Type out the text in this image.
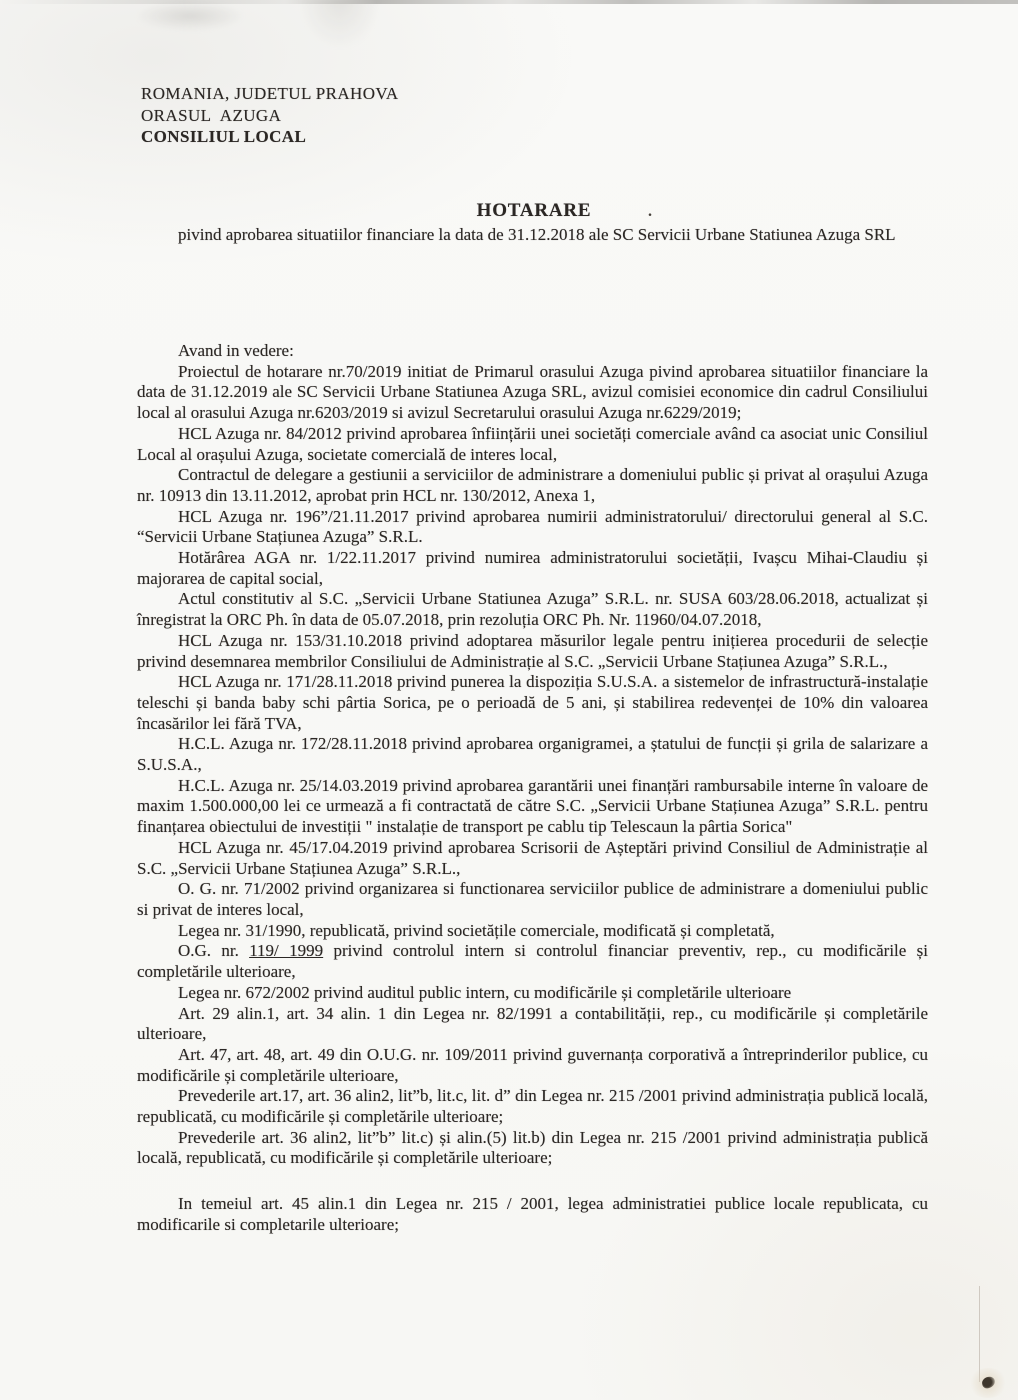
ROMANIA, JUDETUL PRAHOVA
ORASUL  AZUGA
CONSILIUL LOCAL
HOTARARE	.

pivind aprobarea situatiilor financiare la data de 31.12.2018 ale SC Servicii Urbane Statiunea Azuga SRL

Avand in vedere:

Proiectul de hotarare nr.70/2019 initiat de Primarul orasului Azuga pivind aprobarea situatiilor financiare la data de 31.12.2019 ale SC Servicii Urbane Statiunea Azuga SRL, avizul comisiei economice din cadrul Consiliului local al orasului Azuga nr.6203/2019 si avizul Secretarului orasului Azuga nr.6229/2019;

HCL Azuga nr. 84/2012 privind aprobarea înființării unei societăți comerciale având ca asociat unic Consiliul Local al orașului Azuga, societate comercială de interes local,

Contractul de delegare a gestiunii a serviciilor de administrare a domeniului public și privat al orașului Azuga nr. 10913 din 13.11.2012, aprobat prin HCL nr. 130/2012, Anexa 1,

HCL Azuga nr. 196”/21.11.2017 privind aprobarea numirii administratorului/ directorului general al S.C. “Servicii Urbane Stațiunea Azuga” S.R.L.

Hotărârea AGA nr. 1/22.11.2017 privind numirea administratorului societății, Ivașcu Mihai-Claudiu și majorarea de capital social,

Actul constitutiv al S.C. „Servicii Urbane Statiunea Azuga” S.R.L. nr. SUSA 603/28.06.2018, actualizat și înregistrat la ORC Ph. în data de 05.07.2018, prin rezoluția ORC Ph. Nr. 11960/04.07.2018,

HCL Azuga nr. 153/31.10.2018 privind adoptarea măsurilor legale pentru inițierea procedurii de selecție privind desemnarea membrilor Consiliului de Administrație al S.C. „Servicii Urbane Stațiunea Azuga” S.R.L.,

HCL Azuga nr. 171/28.11.2018 privind punerea la dispoziția S.U.S.A. a sistemelor de infrastructură-instalație teleschi și banda baby schi pârtia Sorica, pe o perioadă de 5 ani, și stabilirea redevenței de 10% din valoarea încasărilor lei fără TVA,

H.C.L. Azuga nr. 172/28.11.2018 privind aprobarea organigramei, a ștatului de funcții și grila de salarizare a S.U.S.A.,

H.C.L. Azuga nr. 25/14.03.2019 privind aprobarea garantării unei finanțări rambursabile interne în valoare de maxim 1.500.000,00 lei ce urmează a fi contractată de către S.C. „Servicii Urbane Stațiunea Azuga” S.R.L. pentru finanțarea obiectului de investiții " instalație de transport pe cablu tip Telescaun la pârtia Sorica"

HCL Azuga nr. 45/17.04.2019 privind aprobarea Scrisorii de Așteptări privind Consiliul de Administrație al S.C. „Servicii Urbane Stațiunea Azuga” S.R.L.,

O. G. nr. 71/2002 privind organizarea si functionarea serviciilor publice de administrare a domeniului public si privat de interes local,

Legea nr. 31/1990, republicată, privind societățile comerciale, modificată și completată,

O.G. nr. 119/ 1999 privind controlul intern si controlul financiar preventiv, rep., cu modificările și completările ulterioare,

Legea nr. 672/2002 privind auditul public intern, cu modificările și completările ulterioare

Art. 29 alin.1, art. 34 alin. 1 din Legea nr. 82/1991 a contabilității, rep., cu modificările și completările ulterioare,

Art. 47, art. 48, art. 49 din O.U.G. nr. 109/2011 privind guvernanța corporativă a întreprinderilor publice, cu modificările și completările ulterioare,

Prevederile art.17, art. 36 alin2, lit”b, lit.c, lit. d” din Legea nr. 215 /2001 privind administrația publică locală, republicată, cu modificările și completările ulterioare;

Prevederile art. 36 alin2, lit”b” lit.c) și alin.(5) lit.b) din Legea nr. 215 /2001 privind administrația publică locală, republicată, cu modificările și completările ulterioare;

In temeiul art. 45 alin.1 din Legea nr. 215 / 2001, legea administratiei publice locale republicata, cu modificarile si completarile ulterioare;
